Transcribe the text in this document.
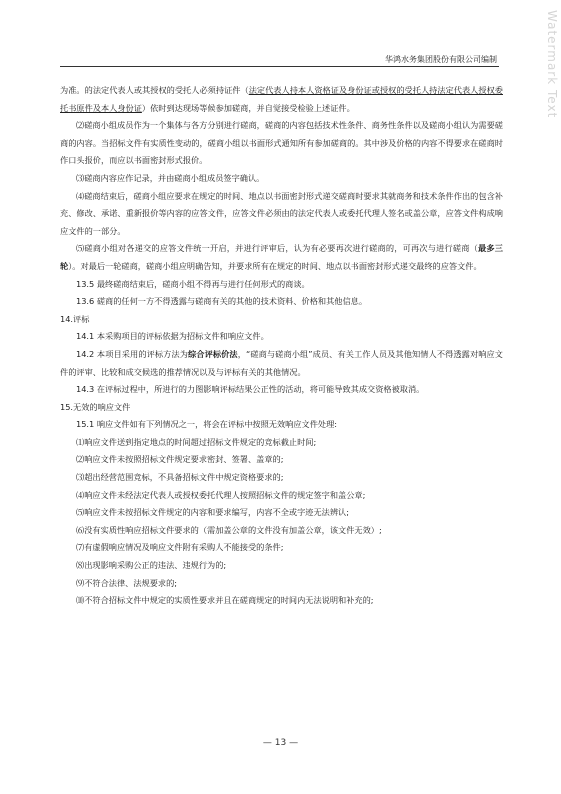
Watermark Text
华鸿水务集团股份有限公司编制

为准。的法定代表人或其授权的受托人必须持证件（法定代表人持本人资格证及身份证或授权的受托人持法定代表人授权委托书原件及本人身份证）依时到达现场等候参加磋商，并自觉接受检验上述证件。

⑵磋商小组成员作为一个集体与各方分别进行磋商，磋商的内容包括技术性条件、商务性条件以及磋商小组认为需要磋商的内容。当招标文件有实质性变动的，磋商小组以书面形式通知所有参加磋商的。其中涉及价格的内容不得要求在磋商时作口头报价，而应以书面密封形式报价。

⑶磋商内容应作记录，并由磋商小组成员签字确认。

⑷磋商结束后，磋商小组应要求在规定的时间、地点以书面密封形式递交磋商时要求其就商务和技术条件作出的包含补充、修改、承诺、重新报价等内容的应答文件，应答文件必须由的法定代表人或委托代理人签名或盖公章，应答文件构成响应文件的一部分。

⑸磋商小组对各递交的应答文件统一开启，并进行评审后，认为有必要再次进行磋商的，可再次与进行磋商（最多三轮）。对最后一轮磋商，磋商小组应明确告知，并要求所有在规定的时间、地点以书面密封形式递交最终的应答文件。

13.5 最终磋商结束后，磋商小组不得再与进行任何形式的商谈。

13.6 磋商的任何一方不得透露与磋商有关的其他的技术资料、价格和其他信息。

14.评标

14.1 本采购项目的评标依据为招标文件和响应文件。

14.2 本项目采用的评标方法为综合评标价法，“磋商与磋商小组”成员、有关工作人员及其他知情人不得透露对响应文件的评审、比较和成交候选的推荐情况以及与评标有关的其他情况。

14.3 在评标过程中，所进行的力图影响评标结果公正性的活动，将可能导致其成交资格被取消。

15.无效的响应文件

15.1 响应文件如有下列情况之一，将会在评标中按照无效响应文件处理:

⑴响应文件送到指定地点的时间超过招标文件规定的竞标截止时间;

⑵响应文件未按照招标文件规定要求密封、签署、盖章的;

⑶超出经营范围竞标，不具备招标文件中规定资格要求的;

⑷响应文件未经法定代表人或授权委托代理人按照招标文件的规定签字和盖公章;

⑸响应文件未按招标文件规定的内容和要求编写，内容不全或字迹无法辨认;

⑹没有实质性响应招标文件要求的（需加盖公章的文件没有加盖公章，该文件无效）;

⑺有虚假响应情况及响应文件附有采购人不能接受的条件;

⑻出现影响采购公正的违法、违规行为的;

⑼不符合法律、法规要求的;

⑽不符合招标文件中规定的实质性要求并且在磋商规定的时间内无法说明和补充的;

— 13 —
